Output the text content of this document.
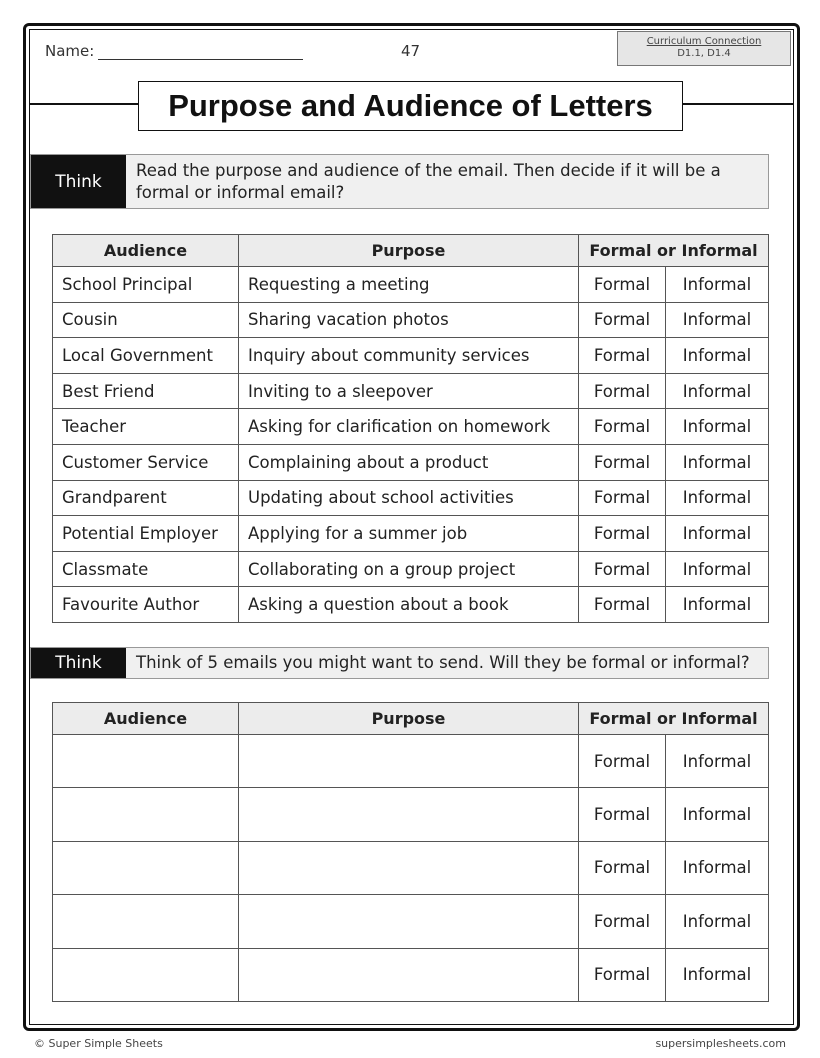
Name:	47
Curriculum Connection
D1.1, D1.4
Purpose and Audience of Letters
Think
Read the purpose and audience of the email. Then decide if it will be a formal or informal email?
Audience	Purpose	Formal or Informal	
School Principal	Requesting a meeting	Formal	Informal
Cousin	Sharing vacation photos	Formal	Informal
Local Government	Inquiry about community services	Formal	Informal
Best Friend	Inviting to a sleepover	Formal	Informal
Teacher	Asking for clarification on homework	Formal	Informal
Customer Service	Complaining about a product	Formal	Informal
Grandparent	Updating about school activities	Formal	Informal
Potential Employer	Applying for a summer job	Formal	Informal
Classmate	Collaborating on a group project	Formal	Informal
Favourite Author	Asking a question about a book	Formal	Informal
Think	Think of 5 emails you might want to send. Will they be formal or informal?
Audience	Purpose	Formal or Informal	
		Formal	Informal
		Formal	Informal
		Formal	Informal
		Formal	Informal
		Formal	Informal
© Super Simple Sheets	supersimplesheets.com
